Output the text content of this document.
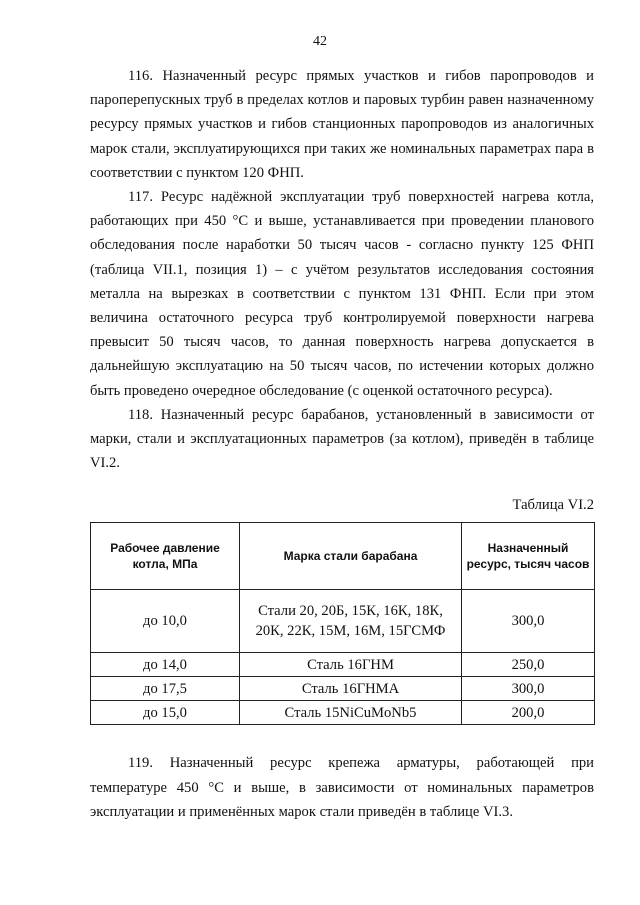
42

116. Назначенный ресурс прямых участков и гибов паропроводов и пароперепускных труб в пределах котлов и паровых турбин равен назначенному ресурсу прямых участков и гибов станционных паропроводов из аналогичных марок стали, эксплуатирующихся при таких же номинальных параметрах пара в соответствии с пунктом 120 ФНП.

117. Ресурс надёжной эксплуатации труб поверхностей нагрева котла, работающих при 450 °С и выше, устанавливается при проведении планового обследования после наработки 50 тысяч часов - согласно пункту 125 ФНП (таблица VII.1, позиция 1) – с учётом результатов исследования состояния металла на вырезках в соответствии с пунктом 131 ФНП. Если при этом величина остаточного ресурса труб контролируемой поверхности нагрева превысит 50 тысяч часов, то данная поверхность нагрева допускается в дальнейшую эксплуатацию на 50 тысяч часов, по истечении которых должно быть проведено очередное обследование (с оценкой остаточного ресурса).

118. Назначенный ресурс барабанов, установленный в зависимости от марки, стали и эксплуатационных параметров (за котлом), приведён в таблице VI.2.

Таблица VI.2
Рабочее давление котла, МПа	Марка стали барабана	Назначенный ресурс, тысяч часов
до 10,0	Стали 20, 20Б, 15К, 16К, 18К, 20К, 22К, 15М, 16М, 15ГСМФ	300,0
до 14,0	Сталь 16ГНМ	250,0
до 17,5	Сталь 16ГНМА	300,0
до 15,0	Сталь 15NiCuMoNb5	200,0

119. Назначенный ресурс крепежа арматуры, работающей при температуре 450 °С и выше, в зависимости от номинальных параметров эксплуатации и применённых марок стали приведён в таблице VI.3.
